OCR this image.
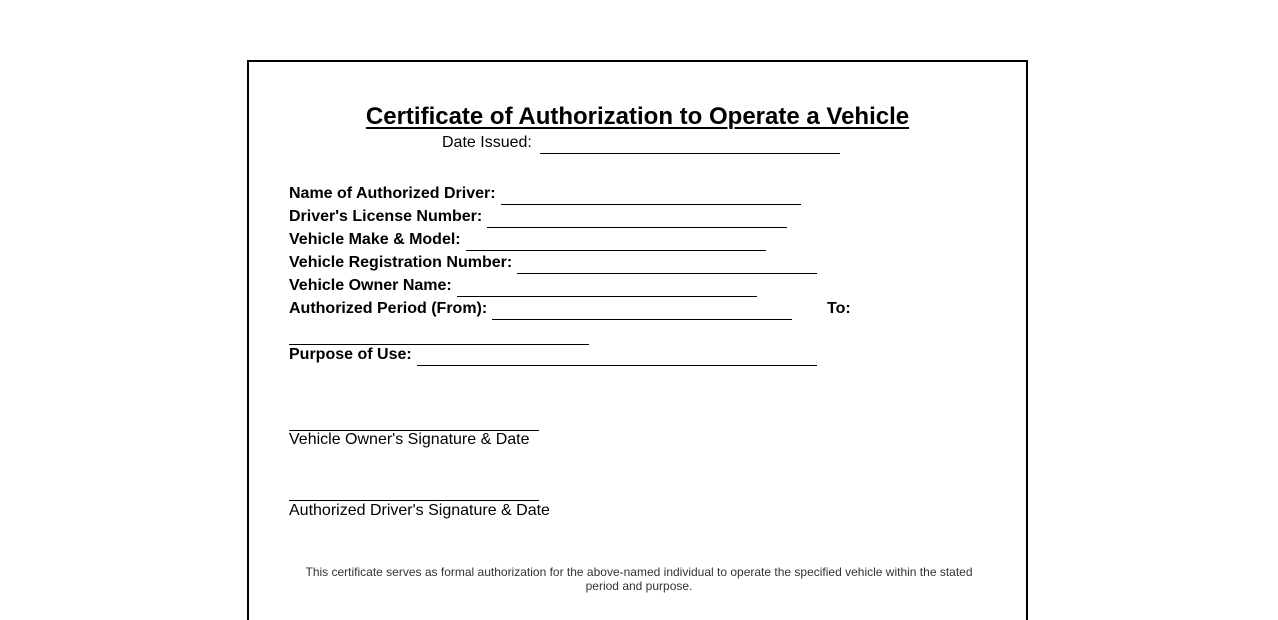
Certificate of Authorization to Operate a Vehicle
Date Issued:
Name of Authorized Driver:
Driver's License Number:
Vehicle Make & Model:
Vehicle Registration Number:
Vehicle Owner Name:
Authorized Period (From):	To:
Purpose of Use:
Vehicle Owner's Signature & Date
Authorized Driver's Signature & Date
This certificate serves as formal authorization for the above-named individual to operate the specified vehicle within the stated period and purpose.
